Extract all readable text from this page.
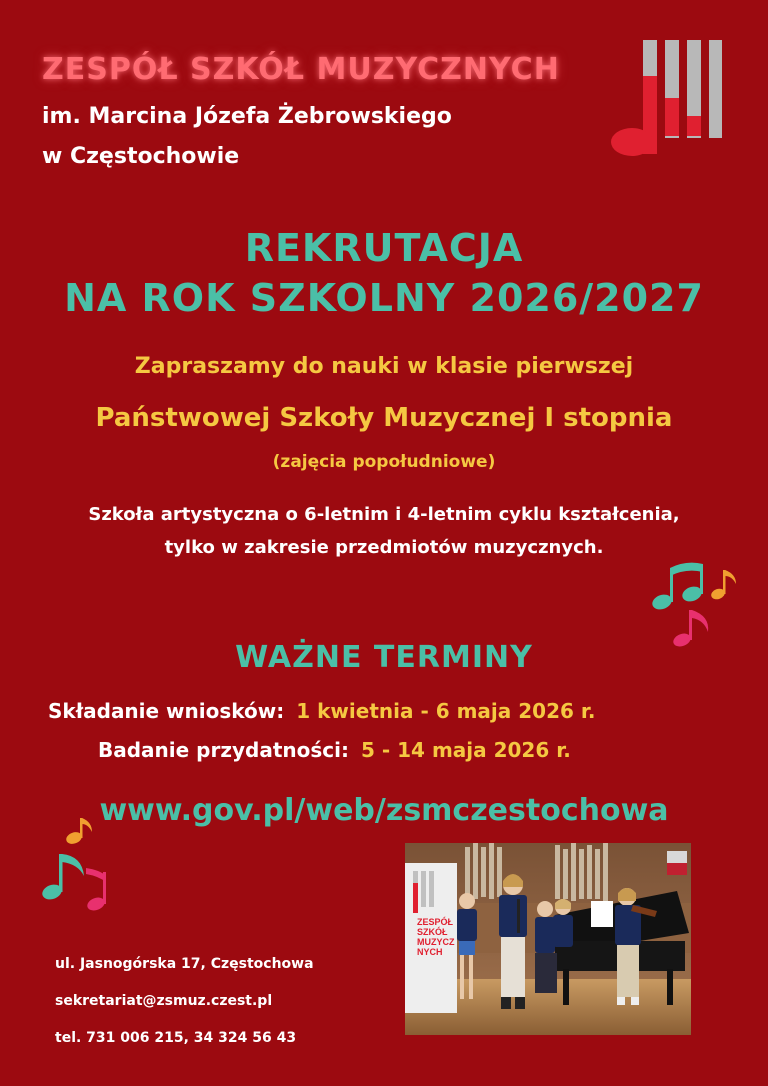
ZESPÓŁ SZKÓŁ MUZYCZNYCH
im. Marcina Józefa Żebrowskiego
w Częstochowie
REKRUTACJA
NA ROK SZKOLNY 2026/2027
Zapraszamy do nauki w klasie pierwszej
Państwowej Szkoły Muzycznej I stopnia
(zajęcia popołudniowe)
Szkoła artystyczna o 6-letnim i 4-letnim cyklu kształcenia,
tylko w zakresie przedmiotów muzycznych.
WAŻNE TERMINY
Składanie wniosków: 1 kwietnia - 6 maja 2026 r.
Badanie przydatności: 5 - 14 maja 2026 r.
www.gov.pl/web/zsmczestochowa
ul. Jasnogórska 17, Częstochowa
sekretariat@zsmuz.czest.pl
tel. 731 006 215, 34 324 56 43
ZESPÓŁ
SZKÓŁ
MUZYCZ
NYCH
